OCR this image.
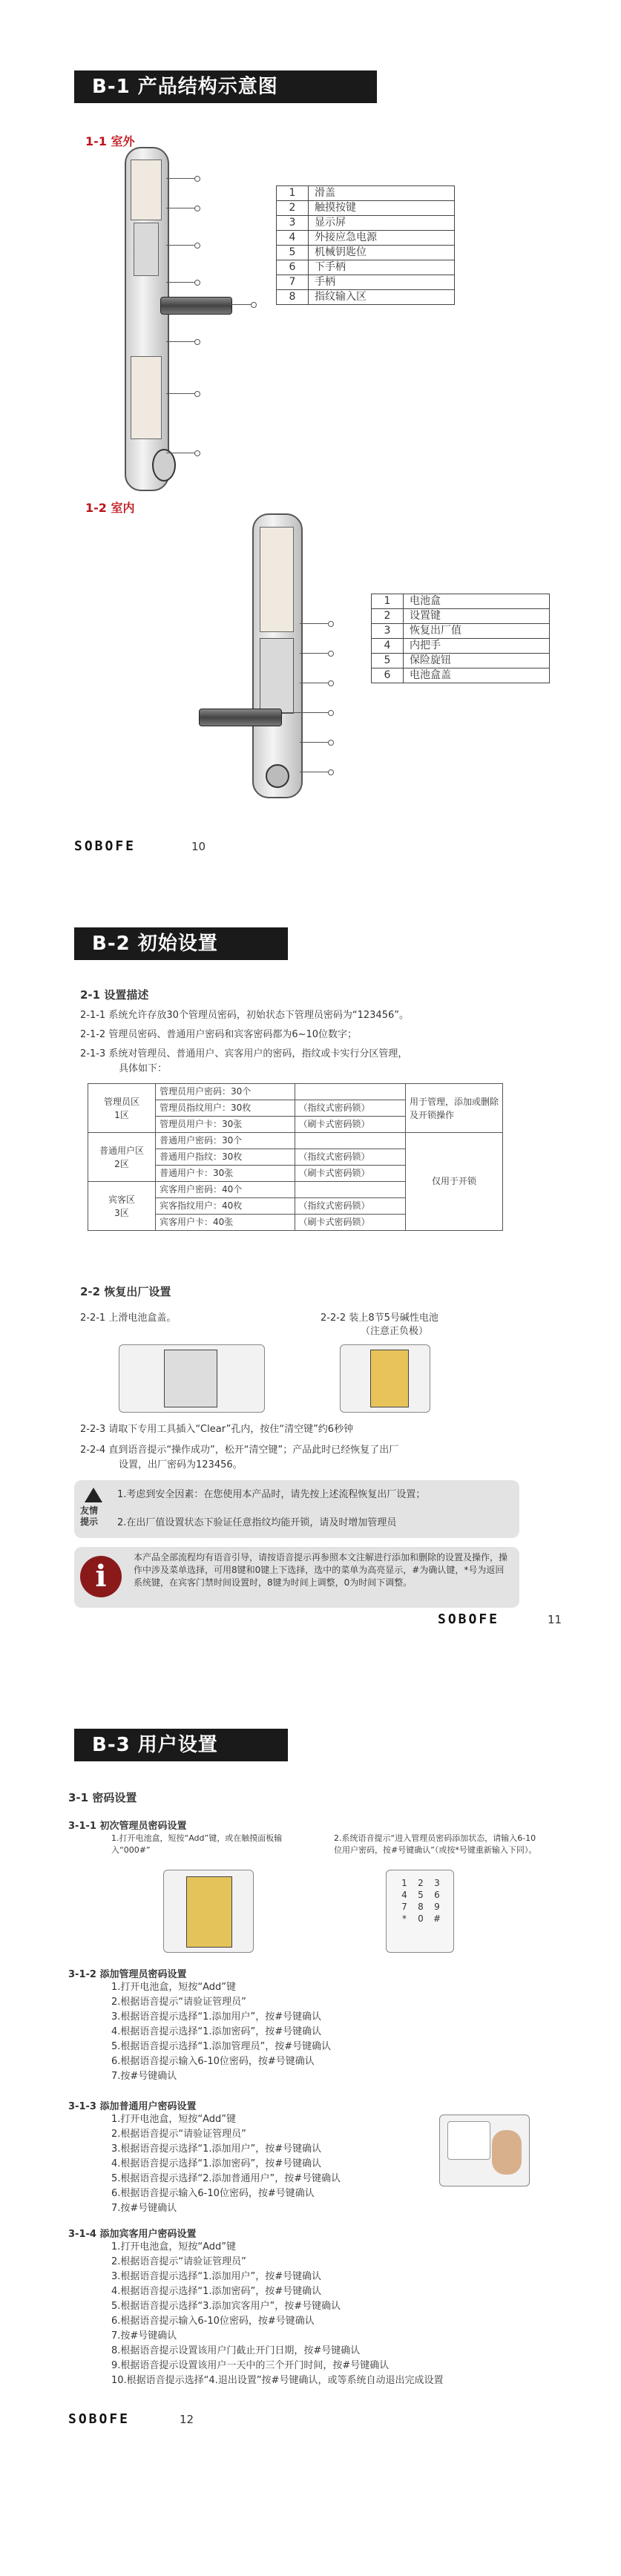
B-1 产品结构示意图
1-1 室外
1	滑盖
2	触摸按键
3	显示屏
4	外接应急电源
5	机械钥匙位
6	下手柄
7	手柄
8	指纹输入区
1-2 室内
1	电池盒
2	设置键
3	恢复出厂值
4	内把手
5	保险旋钮
6	电池盒盖
SOBOFE	10
B-2 初始设置
2-1 设置描述
2-1-1 系统允许存放30个管理员密码，初始状态下管理员密码为“123456”。
2-1-2 管理员密码、普通用户密码和宾客密码都为6~10位数字；
2-1-3 系统对管理员、普通用户、宾客用户的密码，指纹或卡实行分区管理，
具体如下：
管理员区
1区	管理员用户密码：30个		用于管理，添加或删除及开锁操作
	管理员指纹用户：30枚	（指纹式密码锁）	
	管理员用户卡：30张	（刷卡式密码锁）	
普通用户区
2区	普通用户密码：30个		仅用于开锁
	普通用户指纹：30枚	（指纹式密码锁）	
	普通用户卡：30张	（刷卡式密码锁）	
宾客区
3区	宾客用户密码：40个		
	宾客指纹用户：40枚	（指纹式密码锁）	
	宾客用户卡：40张	（刷卡式密码锁）	
2-2 恢复出厂设置
2-2-1 上滑电池盒盖。	2-2-2 装上8节5号碱性电池
（注意正负极）
2-2-3 请取下专用工具插入“Clear”孔内，按住“清空键”约6秒钟
2-2-4 直到语音提示“操作成功”，松开“清空键”；产品此时已经恢复了出厂
设置，出厂密码为123456。
友情
提示
1.考虑到安全因素：在您使用本产品时，请先按上述流程恢复出厂设置；
2.在出厂值设置状态下验证任意指纹均能开锁，请及时增加管理员
i
本产品全部流程均有语音引导，请按语音提示再参照本文注解进行添加和删除的设置及操作，操作中涉及菜单选择，可用8键和0键上下选择，选中的菜单为高亮显示，#为确认键，*号为返回系统键，在宾客门禁时间设置时，8键为时间上调整，0为时间下调整。
SOBOFE	11
B-3 用户设置
3-1 密码设置
3-1-1 初次管理员密码设置
1.打开电池盒，短按“Add”键，或在触摸面板输入“000#”
2.系统语音提示“进入管理员密码添加状态，请输入6-10位用户密码，按#号键确认”（或按*号键重新输入下同）。
1	2	3
4	5	6
7	8	9
*	0	#
3-1-2 添加管理员密码设置
1.打开电池盒，短按“Add”键
2.根据语音提示“请验证管理员”
3.根据语音提示选择“1.添加用户”，按#号键确认
4.根据语音提示选择“1.添加密码”，按#号键确认
5.根据语音提示选择“1.添加管理员”，按#号键确认
6.根据语音提示输入6-10位密码，按#号键确认
7.按#号键确认
3-1-3 添加普通用户密码设置
1.打开电池盒，短按“Add”键
2.根据语音提示“请验证管理员”
3.根据语音提示选择“1.添加用户”，按#号键确认
4.根据语音提示选择“1.添加密码”，按#号键确认
5.根据语音提示选择“2.添加普通用户”，按#号键确认
6.根据语音提示输入6-10位密码，按#号键确认
7.按#号键确认
3-1-4 添加宾客用户密码设置
1.打开电池盒，短按“Add”键
2.根据语音提示“请验证管理员”
3.根据语音提示选择“1.添加用户”，按#号键确认
4.根据语音提示选择“1.添加密码”，按#号键确认
5.根据语音提示选择“3.添加宾客用户”，按#号键确认
6.根据语音提示输入6-10位密码，按#号键确认
7.按#号键确认
8.根据语音提示设置该用户门截止开门日期，按#号键确认
9.根据语音提示设置该用户一天中的三个开门时间，按#号键确认
10.根据语音提示选择“4.退出设置”按#号键确认，或等系统自动退出完成设置
SOBOFE	12
